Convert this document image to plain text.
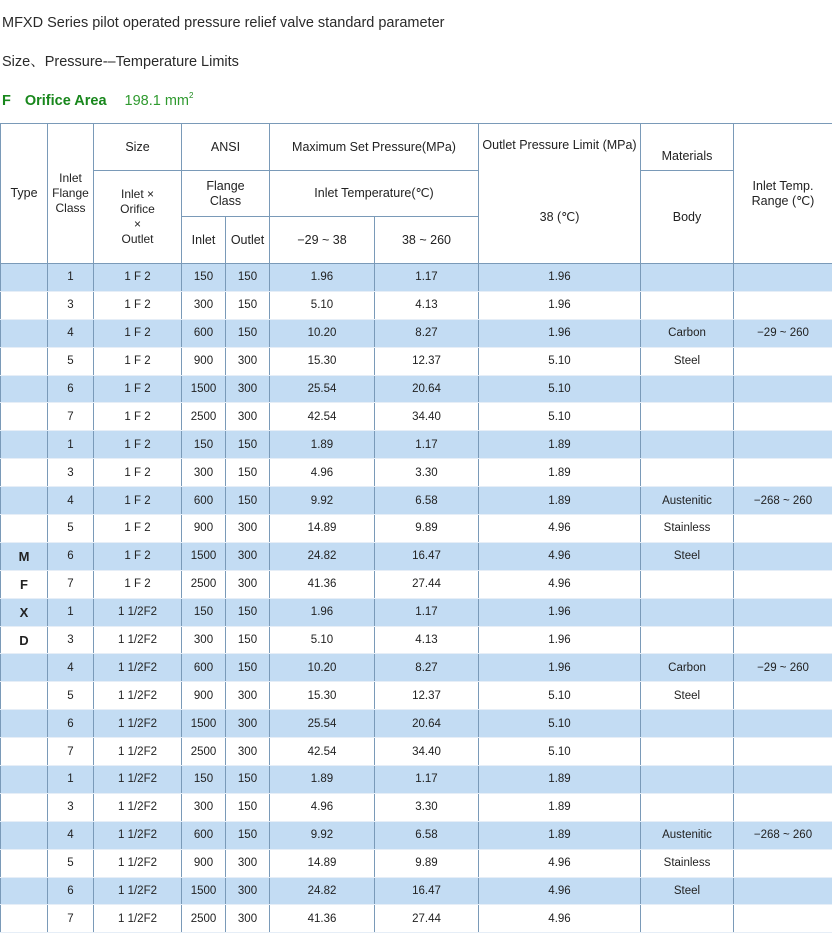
MFXD Series pilot operated pressure relief valve standard parameter
Size、Pressure-–Temperature Limits
F Orifice Area 198.1 $mm^2$
Type	Inlet Flange Class	Size	ANSI		Maximum Set Pressure(MPa)		Outlet Pressure Limit (MPa)	Materials	Inlet Temp. Range (℃)
		Inlet × Orifice × Outlet	Flange Class		Inlet Temperature(℃)			Body	
			Inlet	Outlet	−29 ~ 38	38 ~ 260	38 (℃)		
	1	1 F 2	150	150	1.96	1.17	1.96		
	3	1 F 2	300	150	5.10	4.13	1.96		
	4	1 F 2	600	150	10.20	8.27	1.96	Carbon	−29 ~ 260
	5	1 F 2	900	300	15.30	12.37	5.10	Steel	
	6	1 F 2	1500	300	25.54	20.64	5.10		
	7	1 F 2	2500	300	42.54	34.40	5.10		
	1	1 F 2	150	150	1.89	1.17	1.89		
	3	1 F 2	300	150	4.96	3.30	1.89		
	4	1 F 2	600	150	9.92	6.58	1.89	Austenitic	−268 ~ 260
	5	1 F 2	900	300	14.89	9.89	4.96	Stainless	
M	6	1 F 2	1500	300	24.82	16.47	4.96	Steel	
F	7	1 F 2	2500	300	41.36	27.44	4.96		
X	1	1 1/2F2	150	150	1.96	1.17	1.96		
D	3	1 1/2F2	300	150	5.10	4.13	1.96		
	4	1 1/2F2	600	150	10.20	8.27	1.96	Carbon	−29 ~ 260
	5	1 1/2F2	900	300	15.30	12.37	5.10	Steel	
	6	1 1/2F2	1500	300	25.54	20.64	5.10		
	7	1 1/2F2	2500	300	42.54	34.40	5.10		
	1	1 1/2F2	150	150	1.89	1.17	1.89		
	3	1 1/2F2	300	150	4.96	3.30	1.89		
	4	1 1/2F2	600	150	9.92	6.58	1.89	Austenitic	−268 ~ 260
	5	1 1/2F2	900	300	14.89	9.89	4.96	Stainless	
	6	1 1/2F2	1500	300	24.82	16.47	4.96	Steel	
	7	1 1/2F2	2500	300	41.36	27.44	4.96		
